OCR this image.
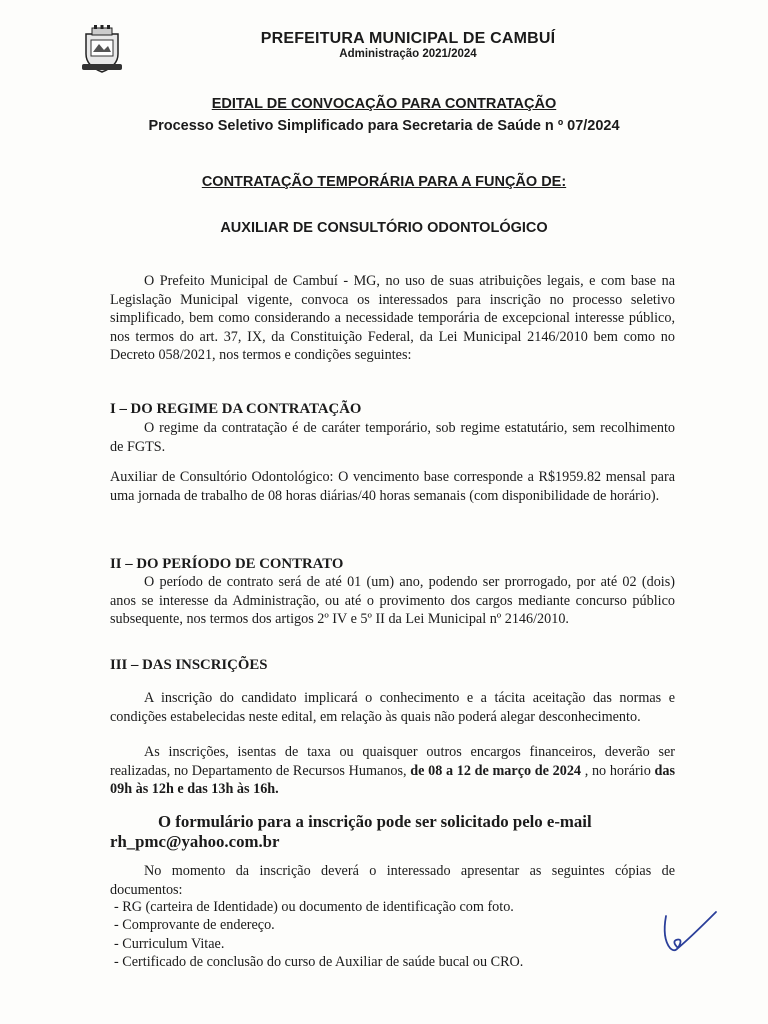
PREFEITURA MUNICIPAL DE CAMBUÍ
Administração 2021/2024
EDITAL DE CONVOCAÇÃO PARA CONTRATAÇÃO
Processo Seletivo Simplificado para Secretaria de Saúde n º 07/2024
CONTRATAÇÃO TEMPORÁRIA PARA A FUNÇÃO DE:
AUXILIAR DE CONSULTÓRIO ODONTOLÓGICO
O Prefeito Municipal de Cambuí - MG, no uso de suas atribuições legais, e com base na Legislação Municipal vigente, convoca os interessados para inscrição no processo seletivo simplificado, bem como considerando a necessidade temporária de excepcional interesse público, nos termos do art. 37, IX, da Constituição Federal, da Lei Municipal 2146/2010 bem como no Decreto 058/2021, nos termos e condições seguintes:
I – DO REGIME DA CONTRATAÇÃO
O regime da contratação é de caráter temporário, sob regime estatutário, sem recolhimento de FGTS.
Auxiliar de Consultório Odontológico: O vencimento base corresponde a R$1959.82 mensal para uma jornada de trabalho de 08 horas diárias/40 horas semanais (com disponibilidade de horário).
II – DO PERÍODO DE CONTRATO
O período de contrato será de até 01 (um) ano, podendo ser prorrogado, por até 02 (dois) anos se interesse da Administração, ou até o provimento dos cargos mediante concurso público subsequente, nos termos dos artigos 2º IV e 5º II da Lei Municipal nº 2146/2010.
III – DAS INSCRIÇÕES
A inscrição do candidato implicará o conhecimento e a tácita aceitação das normas e condições estabelecidas neste edital, em relação às quais não poderá alegar desconhecimento.
As inscrições, isentas de taxa ou quaisquer outros encargos financeiros, deverão ser realizadas, no Departamento de Recursos Humanos, de 08 a 12 de março de 2024 , no horário das 09h às 12h e das 13h às 16h.
O formulário para a inscrição pode ser solicitado pelo e-mail
rh_pmc@yahoo.com.br
No momento da inscrição deverá o interessado apresentar as seguintes cópias de documentos:
- RG (carteira de Identidade) ou documento de identificação com foto.
- Comprovante de endereço.
- Curriculum Vitae.
- Certificado de conclusão do curso de Auxiliar de saúde bucal ou CRO.
